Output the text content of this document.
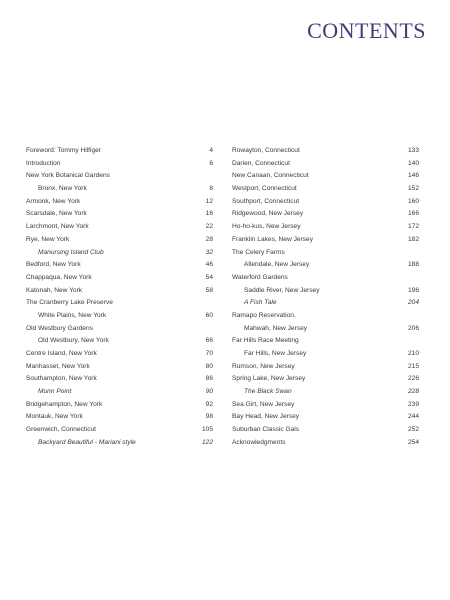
CONTENTS
Foreword: Tommy Hilfiger	4
Introduction	6
New York Botanical Gardens
Bronx, New York	8
Armonk, New York	12
Scarsdale, New York	16
Larchmont, New York	22
Rye, New York	28
Manursing Island Club	32
Bedford, New York	46
Chappaqua, New York	54
Katonah, New York	58
The Cranberry Lake Preserve
White Plains, New York	60
Old Westbury Gardens
Old Westbury, New York	66
Centre Island, New York	70
Manhasset, New York	80
Southampton, New York	86
Munn Point	90
Bridgehampton, New York	92
Montauk, New York	98
Greenwich, Connecticut	105
Backyard Beautiful - Mariani style	122
Rowayton, Connecticut	133
Darien, Connecticut	140
New Canaan, Connecticut	146
Westport, Connecticut	152
Southport, Connecticut	160
Ridgewood, New Jersey	166
Ho-ho-kus, New Jersey	172
Franklin Lakes, New Jersey	182
The Celery Farms
Allendale, New Jersey	188
Waterford Gardens
Saddle River, New Jersey	196
A Fish Tale	204
Ramapo Reservation,
Mahwah, New Jersey	206
Far Hills Race Meeting
Far Hills, New Jersey	210
Rumson, New Jersey	215
Spring Lake, New Jersey	226
The Black Swan	228
Sea Girt, New Jersey	239
Bay Head, New Jersey	244
Suburban Classic Gals	252
Acknowledgments	254
